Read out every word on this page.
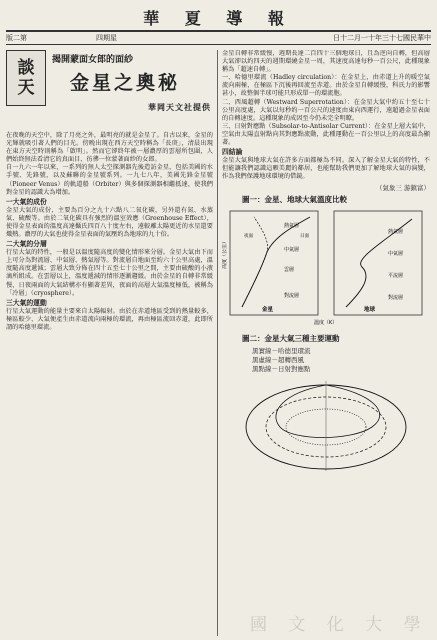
華 夏 導 報
版二第	四期星	日十二月一十年三十七國民華中
談
天
揭開蒙面女郎的面紗
金星之奧秘
華岡天文社提供

在夜晚的天空中，除了月亮之外，最明亮的就是金星了。自古以來，金星的光輝就吸引著人們的目光。傍晚出現在西方天空時稱為「長庚」，清晨出現在東方天空時則稱為「啟明」。然而它卻終年被一層濃厚的雲層所包圍，人們始終無法看清它的真面目，彷彿一位蒙著面紗的女郎。

自一九六一年以來，一系列的無人太空探測器先後造訪金星，包括美國的水手號、先鋒號，以及蘇聯的金星號系列。一九七八年，美國先鋒金星號（Pioneer Venus）的軌道船（Orbiter）與多個探測器相繼抵達，使我們對金星的認識大為增加。

一大氣的成份

金星大氣的成份，主要為百分之九十六點八二氧化碳，另外還有氮、水蒸氣、硫酸等。由於二氧化碳具有強烈的溫室效應（Greenhouse Effect），使得金星表面的溫度高達攝氏四百八十度左右，遠較離太陽更近的水星還要熾熱。濃厚的大氣也使得金星表面的氣壓約為地球的九十倍。

二大氣的分層

行星大氣的特性，一般是以溫度隨高度的變化情形來分層。金星大氣由下而上可分為對流層、中氣層、熱氣層等。對流層自地面至約六十公里高處，溫度隨高度遞減；雲層大致分佈在四十五至七十公里之間，主要由硫酸的小液滴所組成。在雲層以上，溫度遞減的情形逐漸趨緩。由於金星的自轉非常緩慢，日夜兩面的大氣結構亦有顯著差異，夜面的高層大氣溫度極低，被稱為「冷層」（cryosphere）。

三大氣的運動

行星大氣運動的能量主要來自太陽輻射。由於在赤道地區受到的熱量較多，極區較少，大氣便產生由赤道流向兩極的環流，再由極區流回赤道，此即所謂的哈德里環流。

金星自轉非常緩慢，週期長達二百四十三個地球日，且為逆向自轉，但高層大氣卻以約四天的週期環繞金星一周，其速度高達每秒一百公尺，此種現象稱為「超速自轉」。

一、哈德里環流（Hadley circulation）：在金星上，由赤道上升的暖空氣流向兩極，在極區下沉後再回流至赤道。由於金星自轉緩慢，科氏力的影響甚小，故整個半球可能只形成單一的環流胞。

二、西風超轉（Westward Superrotation）：在金星大氣中約五十至七十公里高度處，大氣以每秒約一百公尺的速度由東向西運行，遠超過金星表面的自轉速度。這種現象的成因至今仍未完全明瞭。

三、日射對應點（Subsolar-to-Antisolar Current）：在金星上層大氣中，空氣由太陽直射點向其對應點流動，此種運動在一百公里以上的高度最為顯著。

四結論

金星大氣與地球大氣在許多方面都極為不同。深入了解金星大氣的特性，不但能讓我們認識這顆美麗的鄰居，也能幫助我們更加了解地球大氣的演變，作為我們保護地球環境的借鏡。

（氣象三 游鎮富）
圖一：金星、地球大氣溫度比較
高度（公里）
熱氣層
中氣層
雲層
對流層
熱氣層
中氣層
平流層
對流層
金星	地球
日面
夜面
溫度（K）
圖二：金星大氣三種主要運動
黑實線－哈德里環流
黑虛線－超轉西風
黑點線－日射對應點
國 文 化 大 學
